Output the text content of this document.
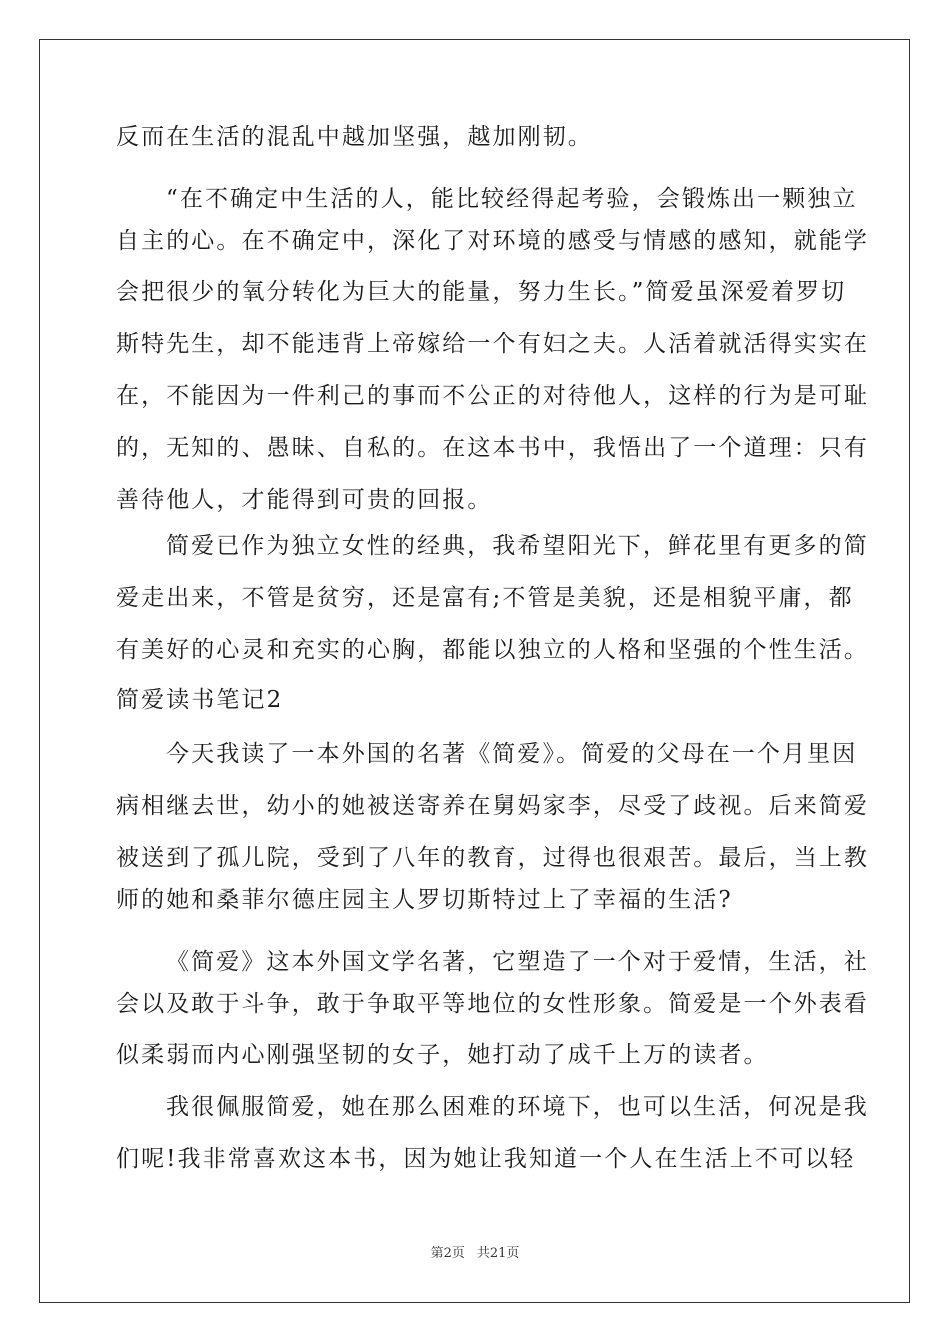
反而在生活的混乱中越加坚强，越加刚韧。
“在不确定中生活的人，能比较经得起考验，会锻炼出一颗独立
自主的心。在不确定中，深化了对环境的感受与情感的感知，就能学
会把很少的氧分转化为巨大的能量，努力生长。”简爱虽深爱着罗切
斯特先生，却不能违背上帝嫁给一个有妇之夫。人活着就活得实实在
在，不能因为一件利己的事而不公正的对待他人，这样的行为是可耻
的，无知的、愚昧、自私的。在这本书中，我悟出了一个道理：只有
善待他人，才能得到可贵的回报。
简爱已作为独立女性的经典，我希望阳光下，鲜花里有更多的简
爱走出来，不管是贫穷，还是富有;不管是美貌，还是相貌平庸，都
有美好的心灵和充实的心胸，都能以独立的人格和坚强的个性生活。
简爱读书笔记2
今天我读了一本外国的名著《简爱》。简爱的父母在一个月里因
病相继去世，幼小的她被送寄养在舅妈家李，尽受了歧视。后来简爱
被送到了孤儿院，受到了八年的教育，过得也很艰苦。最后，当上教
师的她和桑菲尔德庄园主人罗切斯特过上了幸福的生活?
《简爱》这本外国文学名著，它塑造了一个对于爱情，生活，社
会以及敢于斗争，敢于争取平等地位的女性形象。简爱是一个外表看
似柔弱而内心刚强坚韧的女子，她打动了成千上万的读者。
我很佩服简爱，她在那么困难的环境下，也可以生活，何况是我
们呢!我非常喜欢这本书，因为她让我知道一个人在生活上不可以轻
第2页 共21页
